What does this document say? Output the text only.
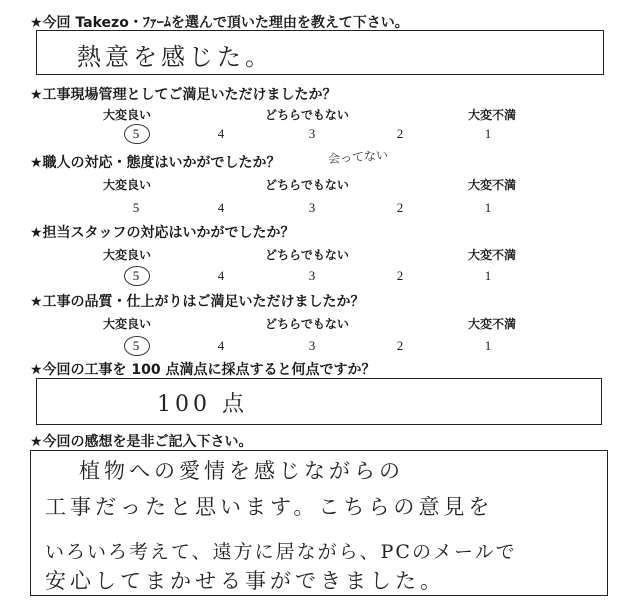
★今回 Takezo・ﾌｧｰﾑを選んで頂いた理由を教えて下さい。
熱意を感じた。
★工事現場管理としてご満足いただけましたか？
大変良い	どちらでもない	大変不満
5	4	3	2	1
★職人の対応・態度はいかがでしたか？	会ってない
大変良い	どちらでもない	大変不満
5	4	3	2	1
★担当スタッフの対応はいかがでしたか？
大変良い	どちらでもない	大変不満
5	4	3	2	1
★工事の品質・仕上がりはご満足いただけましたか？
大変良い	どちらでもない	大変不満
5	4	3	2	1
★今回の工事を 100 点満点に採点すると何点ですか？
100 点
★今回の感想を是非ご記入下さい。
植物への愛情を感じながらの
工事だったと思います。こちらの意見を
いろいろ考えて、遠方に居ながら、PCのメールで
安心してまかせる事ができました。
